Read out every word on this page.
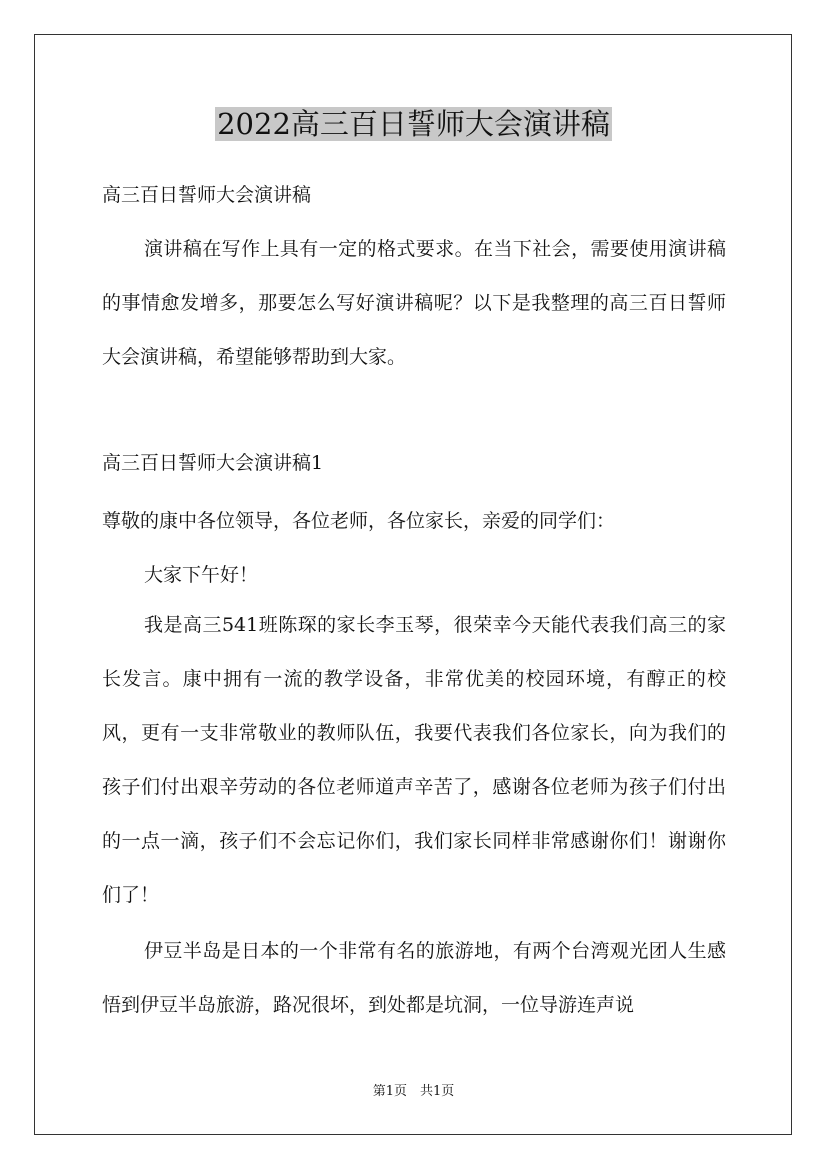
2022高三百日誓师大会演讲稿

高三百日誓师大会演讲稿

演讲稿在写作上具有一定的格式要求。在当下社会，需要使用演讲稿的事情愈发增多，那要怎么写好演讲稿呢？以下是我整理的高三百日誓师大会演讲稿，希望能够帮助到大家。

高三百日誓师大会演讲稿1

尊敬的康中各位领导，各位老师，各位家长，亲爱的同学们：

大家下午好！

我是高三541班陈琛的家长李玉琴，很荣幸今天能代表我们高三的家长发言。康中拥有一流的教学设备，非常优美的校园环境，有醇正的校风，更有一支非常敬业的教师队伍，我要代表我们各位家长，向为我们的孩子们付出艰辛劳动的各位老师道声辛苦了，感谢各位老师为孩子们付出的一点一滴，孩子们不会忘记你们，我们家长同样非常感谢你们！谢谢你们了！

伊豆半岛是日本的一个非常有名的旅游地，有两个台湾观光团人生感悟到伊豆半岛旅游，路况很坏，到处都是坑洞，一位导游连声说

第1页　共1页
